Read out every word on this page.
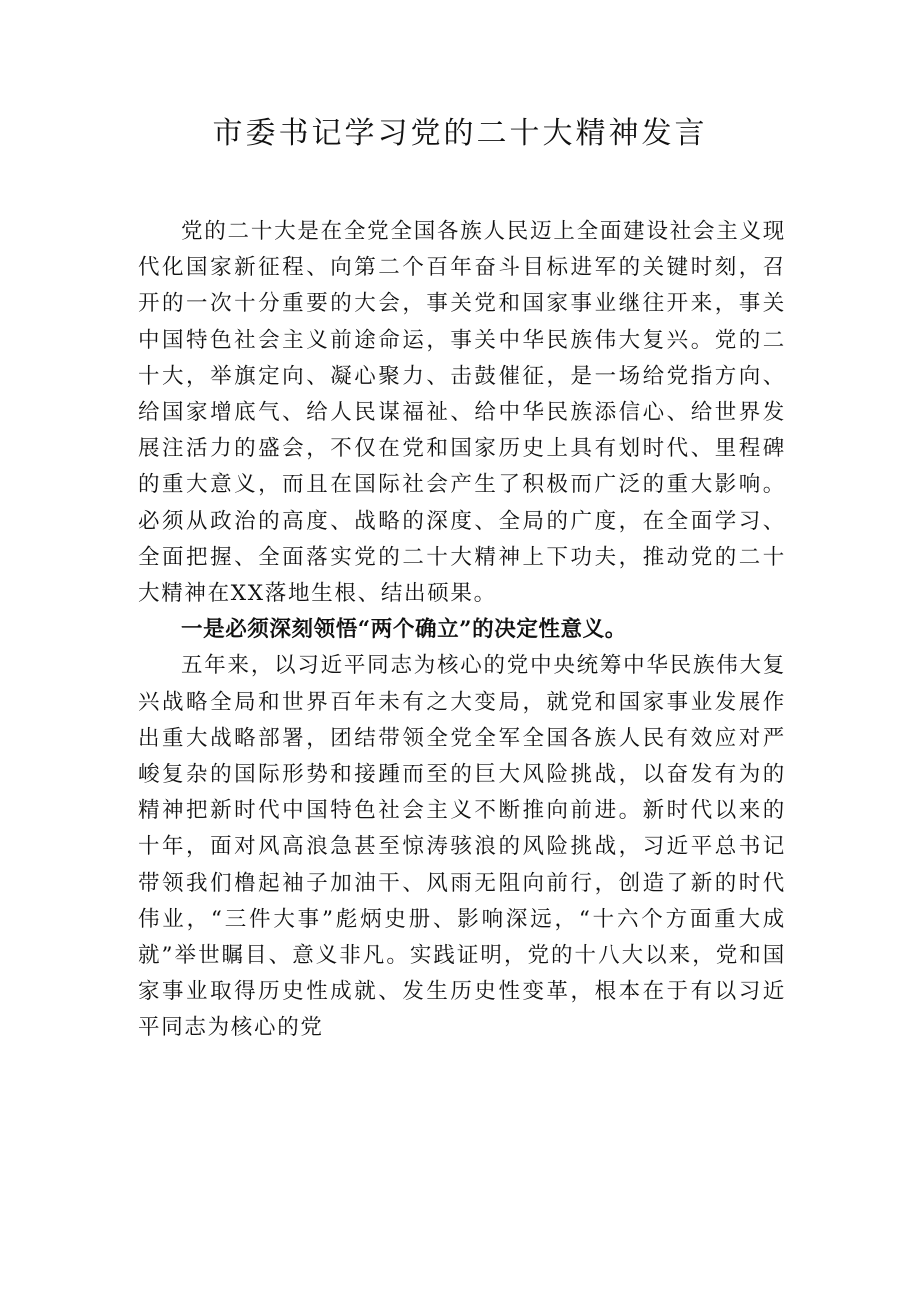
市委书记学习党的二十大精神发言

党的二十大是在全党全国各族人民迈上全面建设社会主义现代化国家新征程、向第二个百年奋斗目标进军的关键时刻，召开的一次十分重要的大会，事关党和国家事业继往开来，事关中国特色社会主义前途命运，事关中华民族伟大复兴。党的二十大，举旗定向、凝心聚力、击鼓催征，是一场给党指方向、给国家增底气、给人民谋福祉、给中华民族添信心、给世界发展注活力的盛会，不仅在党和国家历史上具有划时代、里程碑的重大意义，而且在国际社会产生了积极而广泛的重大影响。必须从政治的高度、战略的深度、全局的广度，在全面学习、全面把握、全面落实党的二十大精神上下功夫，推动党的二十大精神在XX落地生根、结出硕果。

一是必须深刻领悟“两个确立”的决定性意义。

五年来，以习近平同志为核心的党中央统筹中华民族伟大复兴战略全局和世界百年未有之大变局，就党和国家事业发展作出重大战略部署，团结带领全党全军全国各族人民有效应对严峻复杂的国际形势和接踵而至的巨大风险挑战，以奋发有为的精神把新时代中国特色社会主义不断推向前进。新时代以来的十年，面对风高浪急甚至惊涛骇浪的风险挑战，习近平总书记带领我们橹起袖子加油干、风雨无阻向前行，创造了新的时代伟业，“三件大事”彪炳史册、影响深远，“十六个方面重大成就”举世瞩目、意义非凡。实践证明，党的十八大以来，党和国家事业取得历史性成就、发生历史性变革，根本在于有以习近平同志为核心的党
